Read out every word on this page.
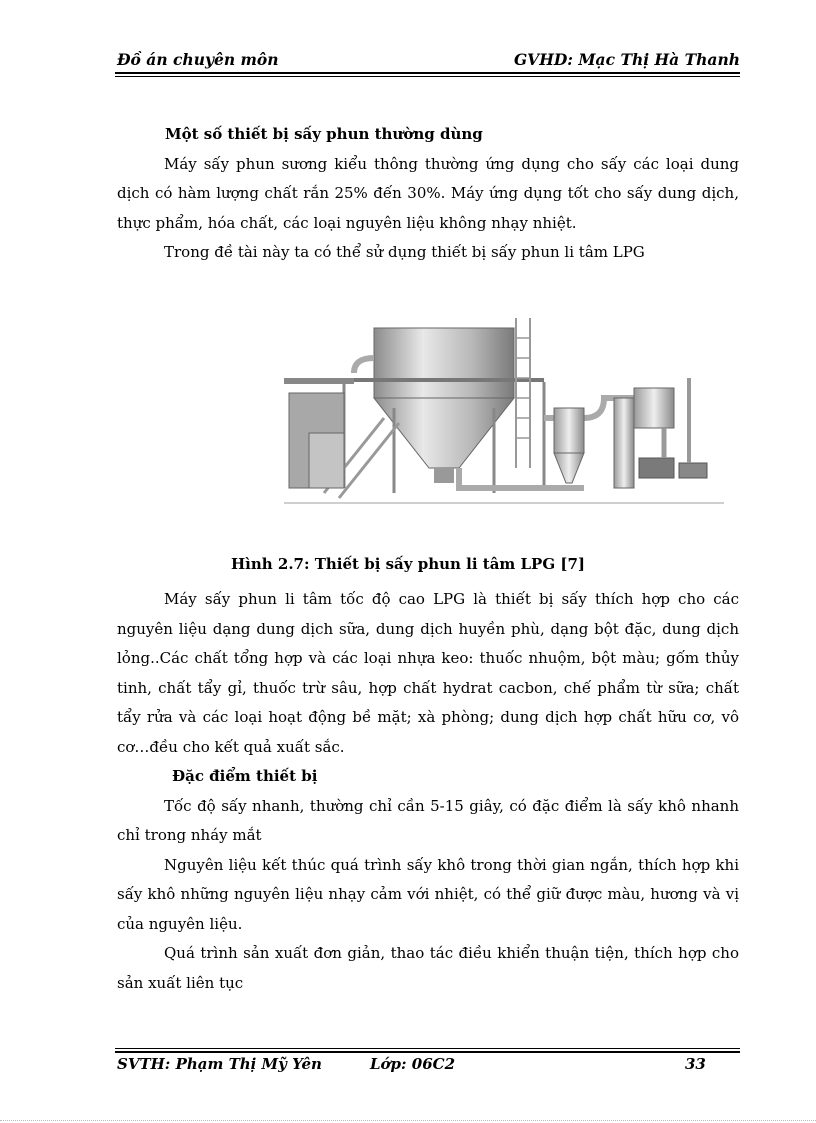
Đồ án chuyên môn	GVHD: Mạc Thị Hà Thanh
Một số thiết bị sấy phun thường dùng

Máy sấy phun sương kiểu thông thường ứng dụng cho sấy các loại dung dịch có hàm lượng chất rắn 25% đến 30%. Máy ứng dụng tốt cho sấy dung dịch, thực phẩm, hóa chất, các loại nguyên liệu không nhạy nhiệt.

Trong đề tài này ta có thể sử dụng thiết bị sấy phun li tâm LPG

Hình 2.7: Thiết bị sấy phun li tâm LPG [7]

Máy sấy phun li tâm tốc độ cao LPG là thiết bị sấy thích hợp cho các nguyên liệu dạng dung dịch sữa, dung dịch huyền phù, dạng bột đặc, dung dịch lỏng..Các chất tổng hợp và các loại nhựa keo: thuốc nhuộm, bột màu; gốm thủy tinh, chất tẩy gỉ, thuốc trừ sâu, hợp chất hydrat cacbon, chế phẩm từ sữa; chất tẩy rửa và các loại hoạt động bề mặt; xà phòng; dung dịch hợp chất hữu cơ, vô cơ…đều cho kết quả xuất sắc.

Đặc điểm thiết bị

Tốc độ sấy nhanh, thường chỉ cần 5-15 giây, có đặc điểm là sấy khô nhanh chỉ trong nháy mắt

Nguyên liệu kết thúc quá trình sấy khô trong thời gian ngắn, thích hợp khi sấy khô những nguyên liệu nhạy cảm với nhiệt, có thể giữ được màu, hương và vị của nguyên liệu.

Quá trình sản xuất đơn giản, thao tác điều khiển thuận tiện, thích hợp cho sản xuất liên tục

SVTH: Phạm Thị Mỹ Yên	Lớp: 06C2	33
